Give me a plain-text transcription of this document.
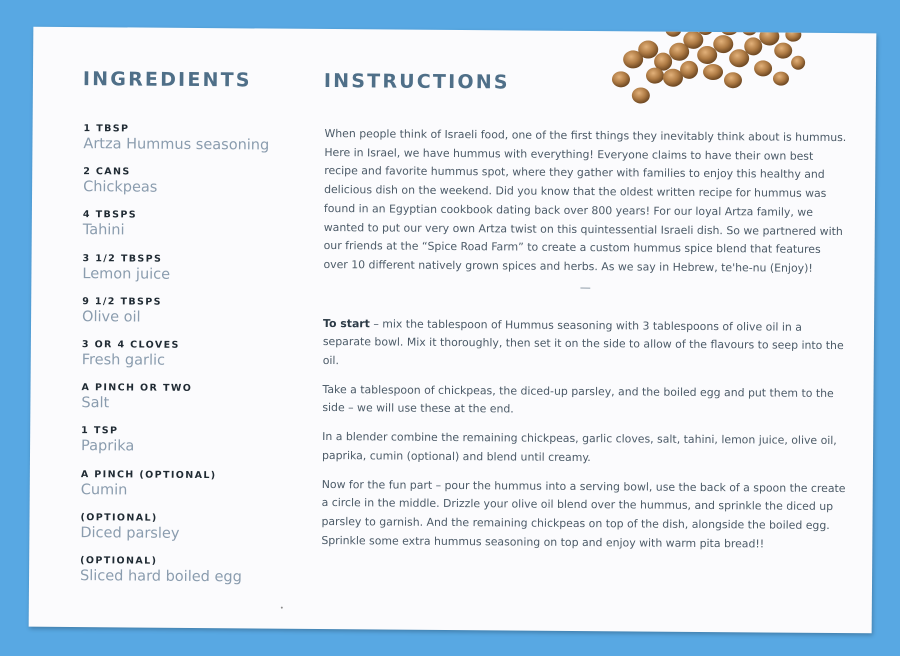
INGREDIENTS	INSTRUCTIONS
1 TBSP
Artza Hummus seasoning
2 CANS
Chickpeas
4 TBSPS
Tahini
3 1/2 TBSPS
Lemon juice
9 1/2 TBSPS
Olive oil
3 OR 4 CLOVES
Fresh garlic
A PINCH OR TWO
Salt
1 TSP
Paprika
A PINCH (OPTIONAL)
Cumin
(OPTIONAL)
Diced parsley
(OPTIONAL)
Sliced hard boiled egg

When people think of Israeli food, one of the first things they inevitably think about is hummus. Here in Israel, we have hummus with everything! Everyone claims to have their own best recipe and favorite hummus spot, where they gather with families to enjoy this healthy and delicious dish on the weekend. Did you know that the oldest written recipe for hummus was found in an Egyptian cookbook dating back over 800 years! For our loyal Artza family, we wanted to put our very own Artza twist on this quintessential Israeli dish. So we partnered with our friends at the “Spice Road Farm” to create a custom hummus spice blend that features over 10 different natively grown spices and herbs. As we say in Hebrew, te'he-nu (Enjoy)!

—

To start – mix the tablespoon of Hummus seasoning with 3 tablespoons of olive oil in a separate bowl. Mix it thoroughly, then set it on the side to allow of the flavours to seep into the oil.

Take a tablespoon of chickpeas, the diced-up parsley, and the boiled egg and put them to the side – we will use these at the end.

In a blender combine the remaining chickpeas, garlic cloves, salt, tahini, lemon juice, olive oil, paprika, cumin (optional) and blend until creamy.

Now for the fun part – pour the hummus into a serving bowl, use the back of a spoon the create a circle in the middle. Drizzle your olive oil blend over the hummus, and sprinkle the diced up parsley to garnish. And the remaining chickpeas on top of the dish, alongside the boiled egg. Sprinkle some extra hummus seasoning on top and enjoy with warm pita bread!!
